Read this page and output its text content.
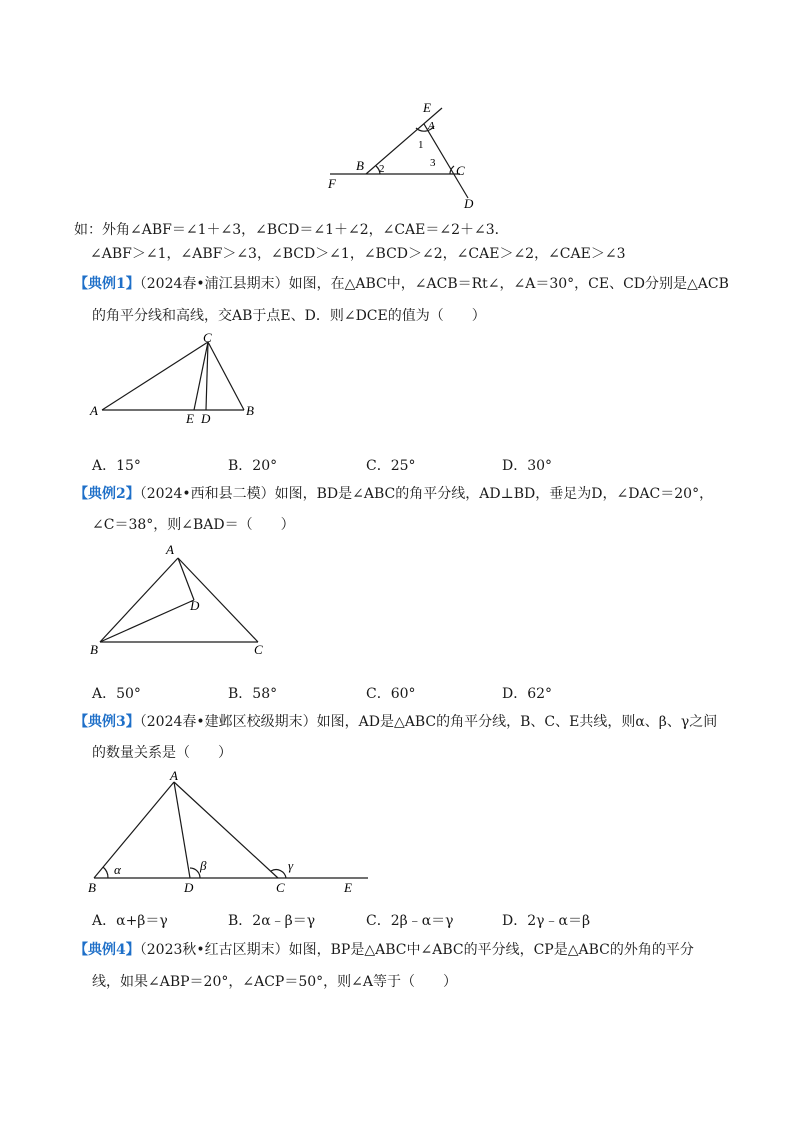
E
A
1
3
B 2	C
F
D
如：外角∠ABF＝∠1＋∠3，∠BCD＝∠1＋∠2，∠CAE＝∠2＋∠3．
∠ABF＞∠1，∠ABF＞∠3，∠BCD＞∠1，∠BCD＞∠2，∠CAE＞∠2，∠CAE＞∠3
【典例1】（2024春•浦江县期末）如图，在△ABC中，∠ACB＝Rt∠，∠A＝30°，CE、CD分别是△ACB
的角平分线和高线，交AB于点E、D．则∠DCE的值为（　　）
C
A
E D
B
A．15°	B．20°	C．25°	D．30°
【典例2】（2024•西和县二模）如图，BD是∠ABC的角平分线，AD⊥BD，垂足为D，∠DAC＝20°，
∠C＝38°，则∠BAD＝（　　）
A
D
B	C
A．50°	B．58°	C．60°	D．62°
【典例3】（2024春•建邺区校级期末）如图，AD是△ABC的角平分线，B、C、E共线，则α、β、γ之间
的数量关系是（　　）
A
α	β	γ
B	D	C	E
A．α+β＝γ	B．2α﹣β＝γ	C．2β﹣α＝γ	D．2γ﹣α＝β
【典例4】（2023秋•红古区期末）如图，BP是△ABC中∠ABC的平分线，CP是△ABC的外角的平分
线，如果∠ABP＝20°，∠ACP＝50°，则∠A等于（　　）
